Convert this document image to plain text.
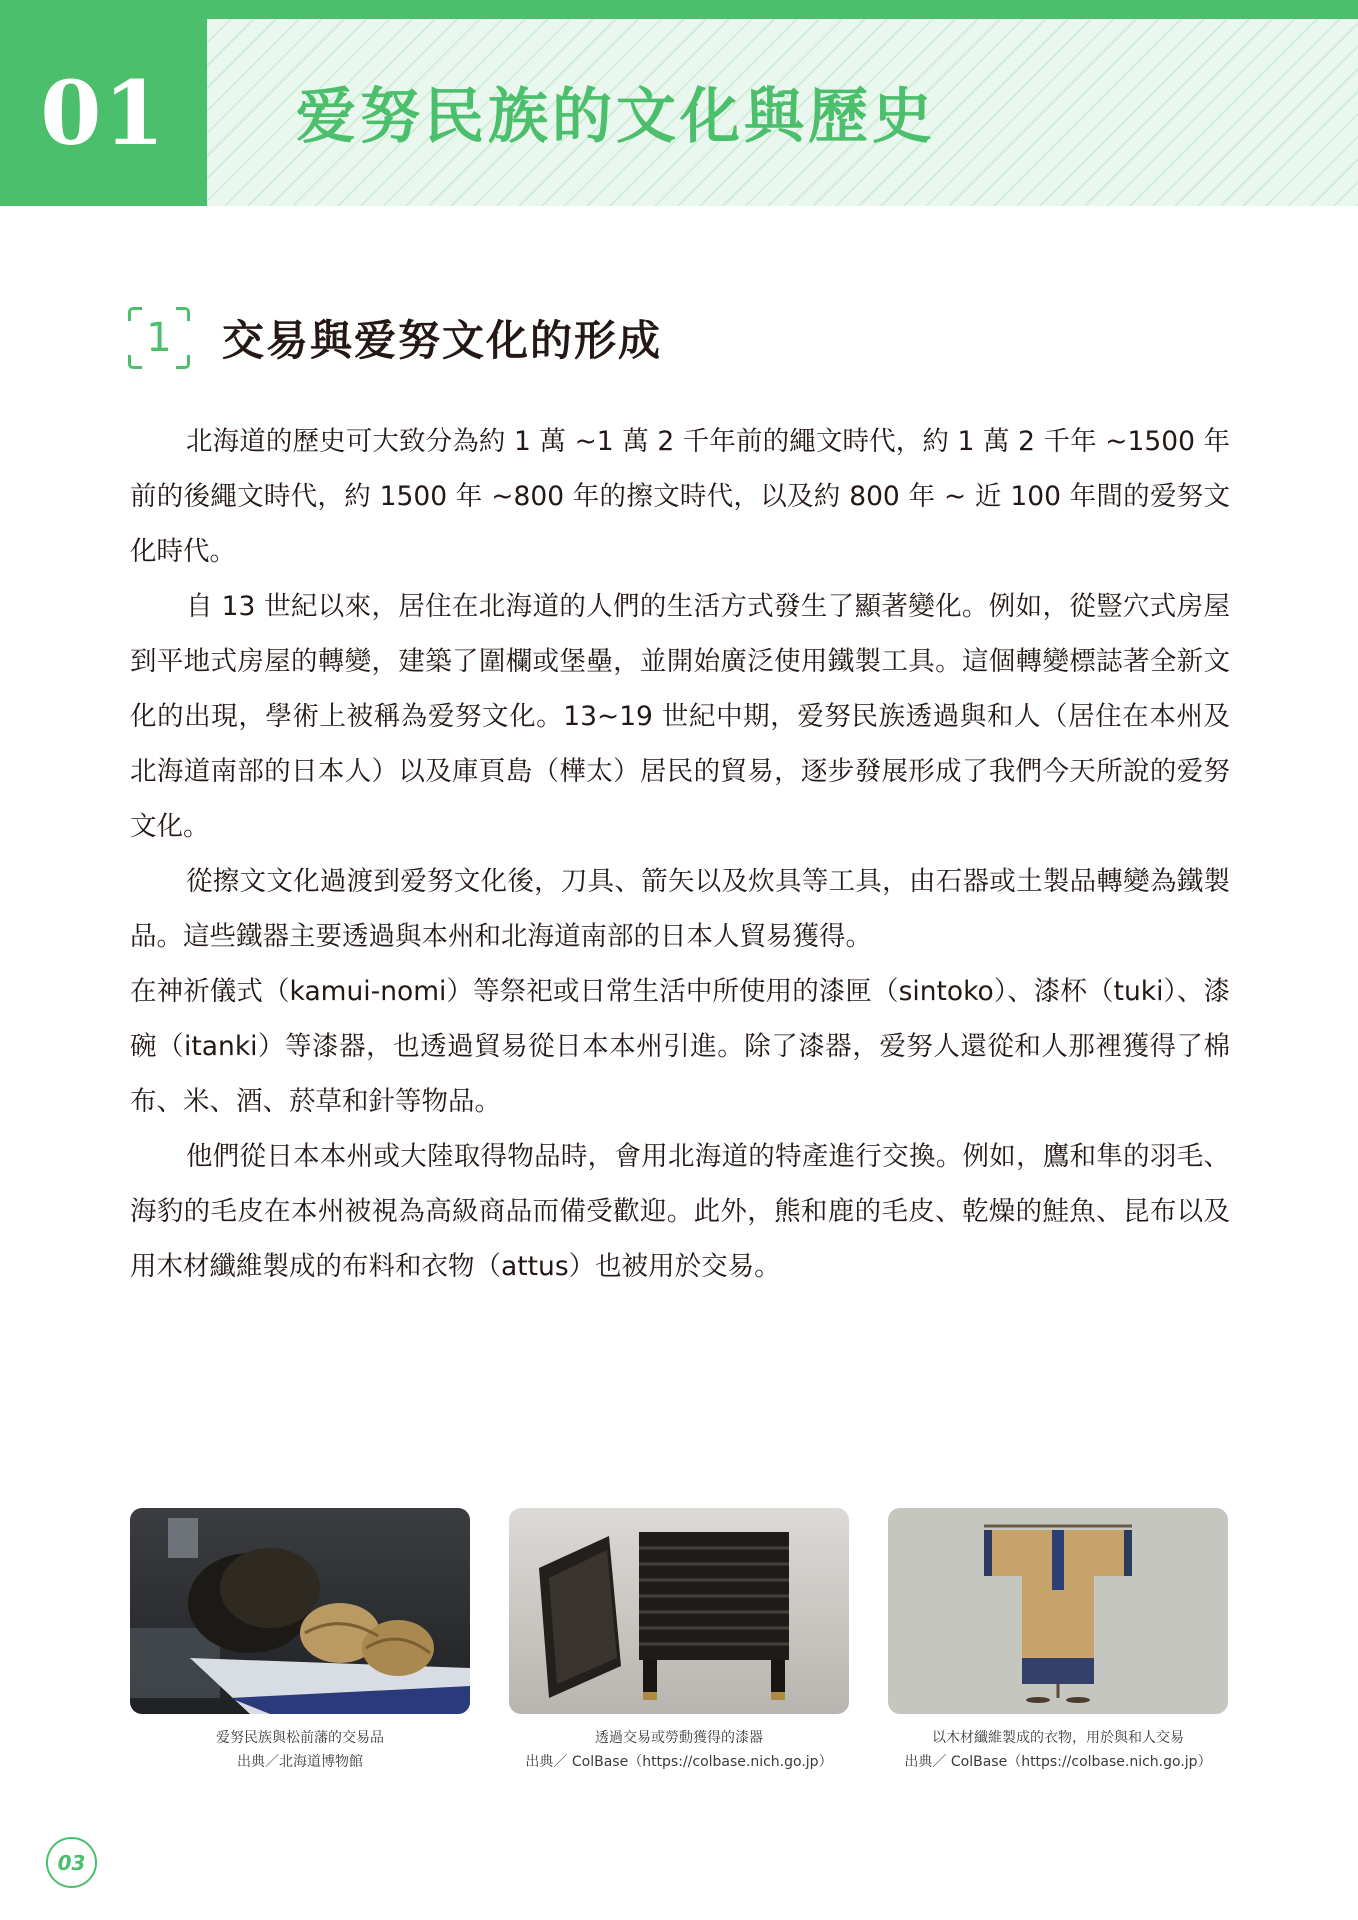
01	爱努民族的文化與歷史
1 交易與爱努文化的形成

北海道的歷史可大致分為約 1 萬 ~1 萬 2 千年前的繩文時代，約 1 萬 2 千年 ~1500 年前的後繩文時代，約 1500 年 ~800 年的擦文時代，以及約 800 年 ~ 近 100 年間的爱努文化時代。

自 13 世紀以來，居住在北海道的人們的生活方式發生了顯著變化。例如，從豎穴式房屋到平地式房屋的轉變，建築了圍欄或堡壘，並開始廣泛使用鐵製工具。這個轉變標誌著全新文化的出現，學術上被稱為爱努文化。13~19 世紀中期，爱努民族透過與和人（居住在本州及北海道南部的日本人）以及庫頁島（樺太）居民的貿易，逐步發展形成了我們今天所說的爱努文化。

從擦文文化過渡到爱努文化後，刀具、箭矢以及炊具等工具，由石器或土製品轉變為鐵製品。這些鐵器主要透過與本州和北海道南部的日本人貿易獲得。

在神祈儀式（kamui-nomi）等祭祀或日常生活中所使用的漆匣（sintoko）、漆杯（tuki）、漆碗（itanki）等漆器，也透過貿易從日本本州引進。除了漆器，爱努人還從和人那裡獲得了棉布、米、酒、菸草和針等物品。

他們從日本本州或大陸取得物品時，會用北海道的特產進行交換。例如，鷹和隼的羽毛、海豹的毛皮在本州被視為高級商品而備受歡迎。此外，熊和鹿的毛皮、乾燥的鮭魚、昆布以及用木材纖維製成的布料和衣物（attus）也被用於交易。

爱努民族與松前藩的交易品
出典／北海道博物館
透過交易或勞動獲得的漆器
出典／ ColBase（https://colbase.nich.go.jp）
以木材纖維製成的衣物，用於與和人交易
出典／ ColBase（https://colbase.nich.go.jp）
03
